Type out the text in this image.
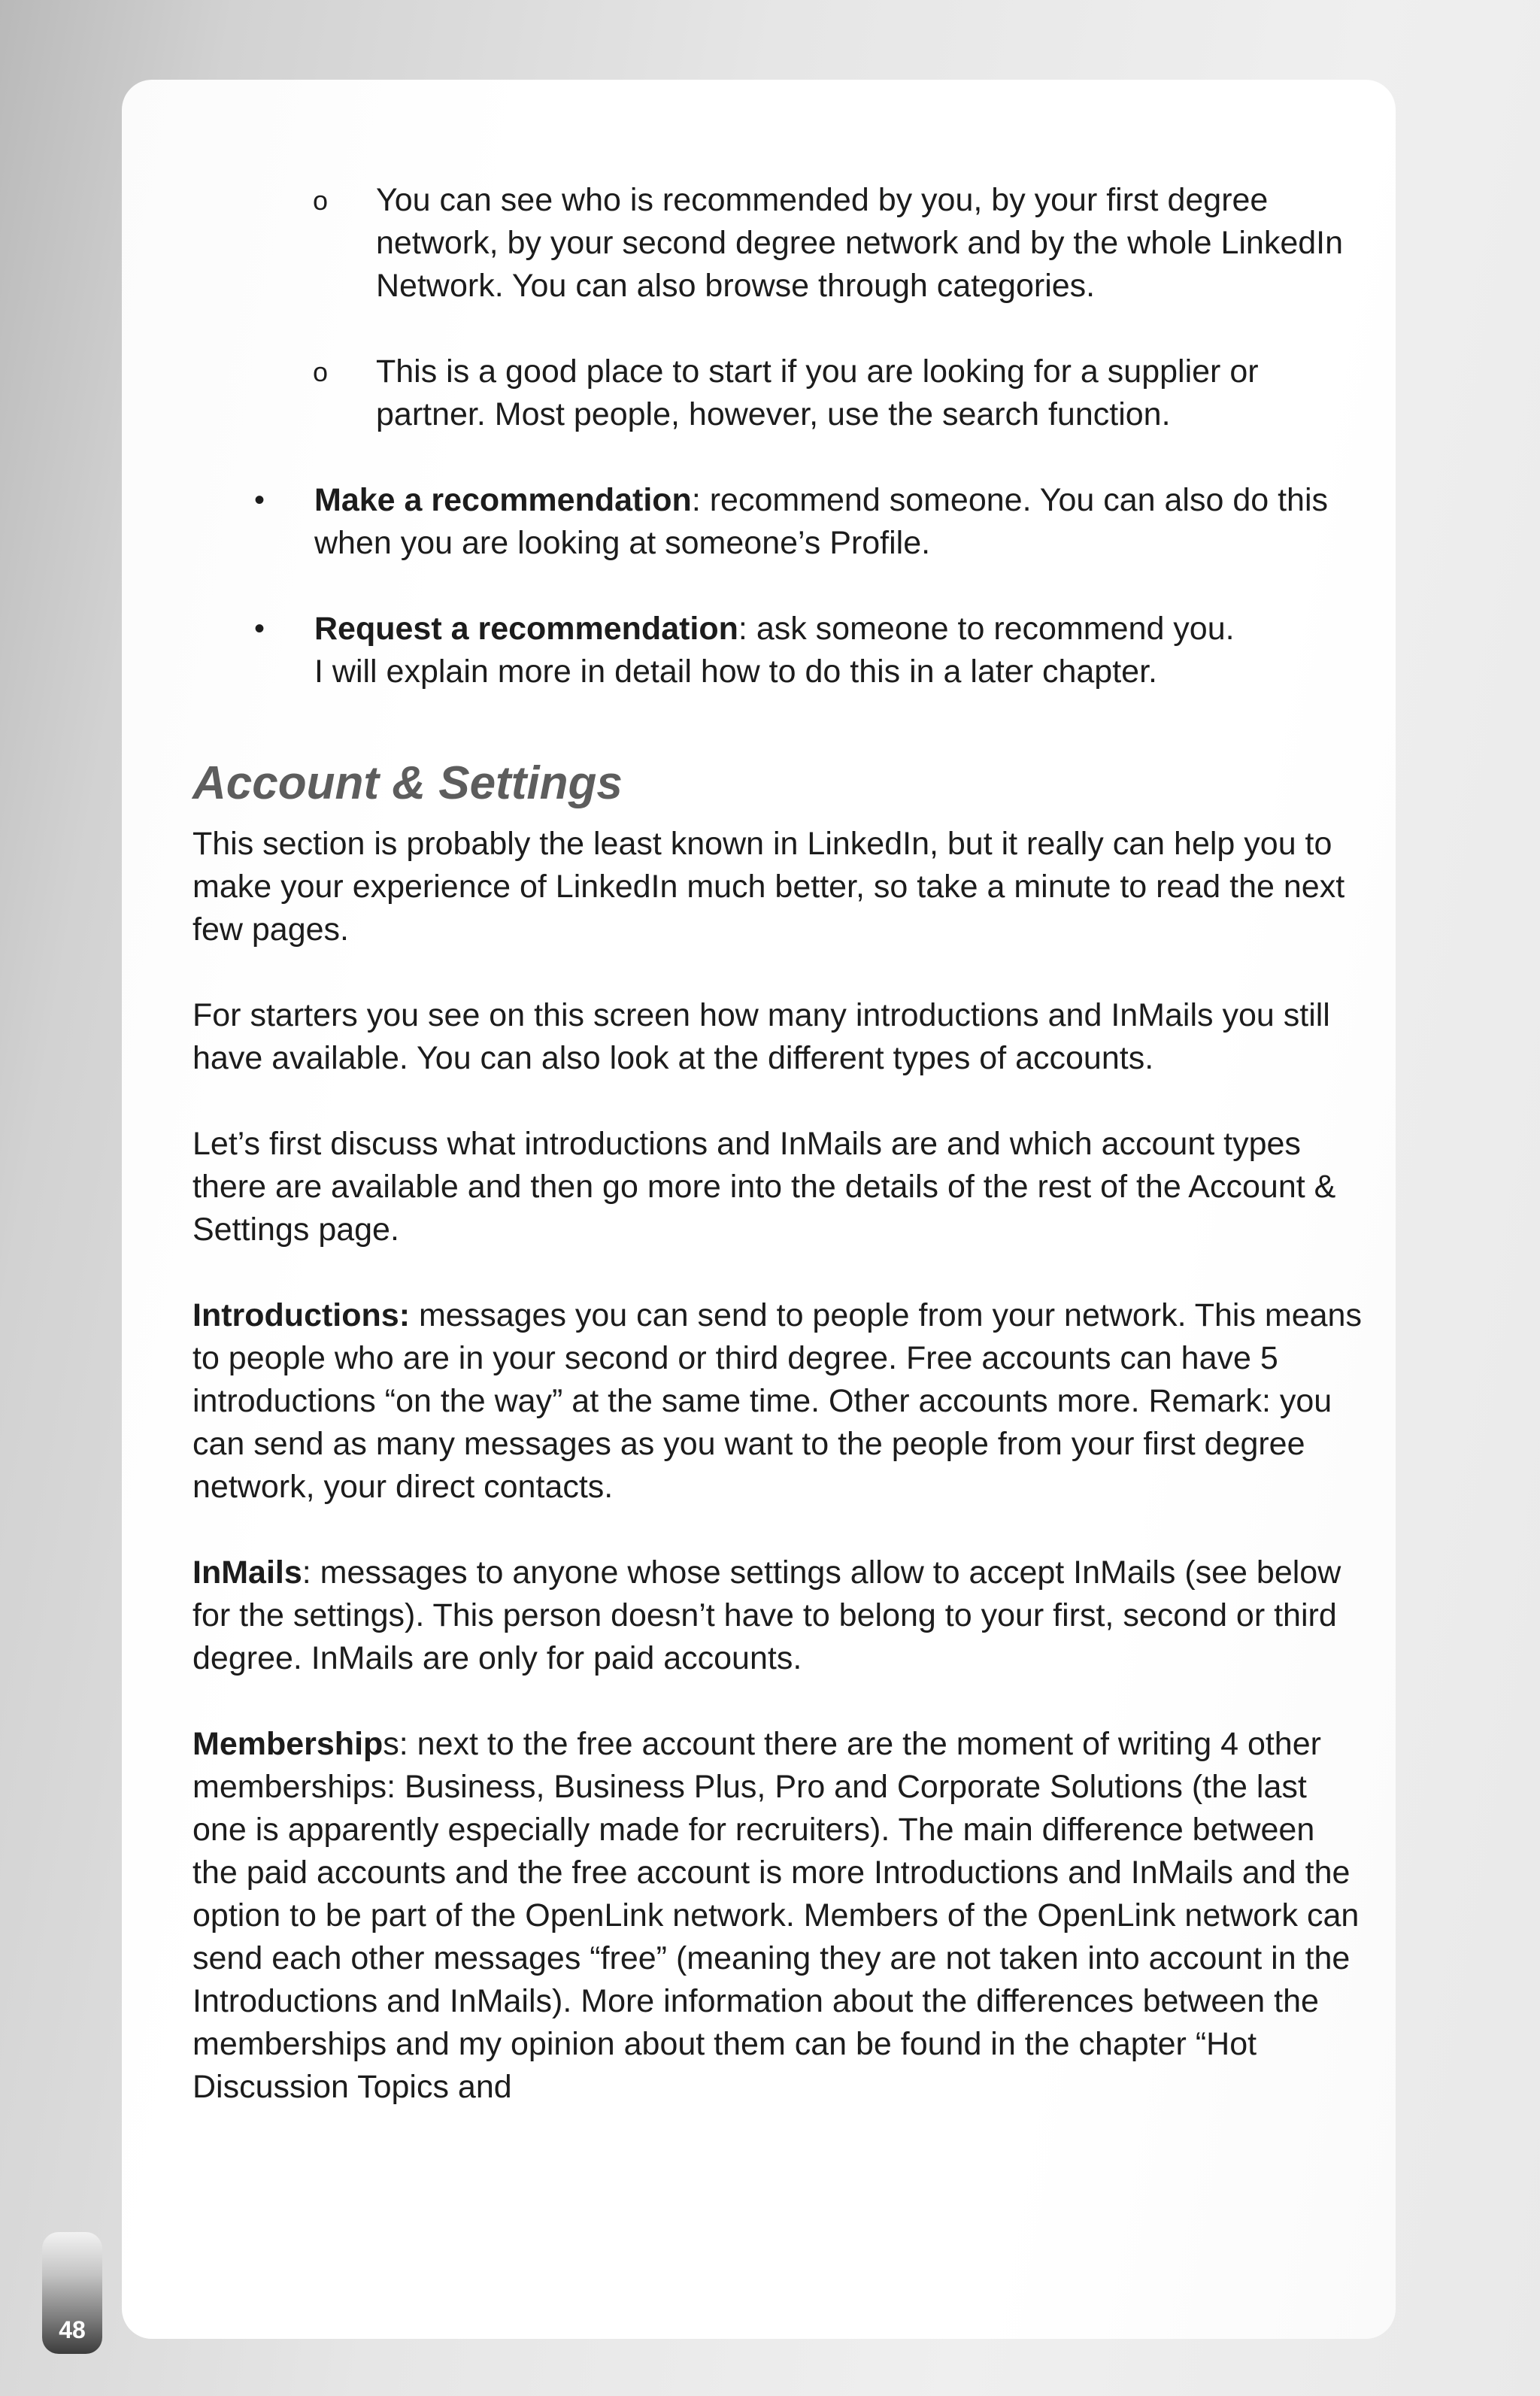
o You can see who is recommended by you, by your first degree network, by your second degree network and by the whole LinkedIn Network. You can also browse through categories.
o This is a good place to start if you are looking for a supplier or partner. Most people, however, use the search function.
• Make a recommendation: recommend someone. You can also do this when you are looking at someone’s Profile.
• Request a recommendation: ask someone to recommend you.
I will explain more in detail how to do this in a later chapter.
Account & Settings

This section is probably the least known in LinkedIn, but it really can help you to make your experience of LinkedIn much better, so take a minute to read the next few pages.

For starters you see on this screen how many introductions and InMails you still have available. You can also look at the different types of accounts.

Let’s first discuss what introductions and InMails are and which account types there are available and then go more into the details of the rest of the Account & Settings page.

Introductions: messages you can send to people from your network. This means to people who are in your second or third degree. Free accounts can have 5 introductions “on the way” at the same time. Other accounts more. Remark: you can send as many messages as you want to the people from your first degree network, your direct contacts.

InMails: messages to anyone whose settings allow to accept InMails (see below for the settings). This person doesn’t have to belong to your first, second or third degree. InMails are only for paid accounts.

Memberships: next to the free account there are the moment of writing 4 other memberships: Business, Business Plus, Pro and Corporate Solutions (the last one is apparently especially made for recruiters). The main difference between the paid accounts and the free account is more Introductions and InMails and the option to be part of the OpenLink network. Members of the OpenLink network can send each other messages “free” (meaning they are not taken into account in the Introductions and InMails). More information about the differences between the memberships and my opinion about them can be found in the chapter “Hot Discussion Topics and

48
